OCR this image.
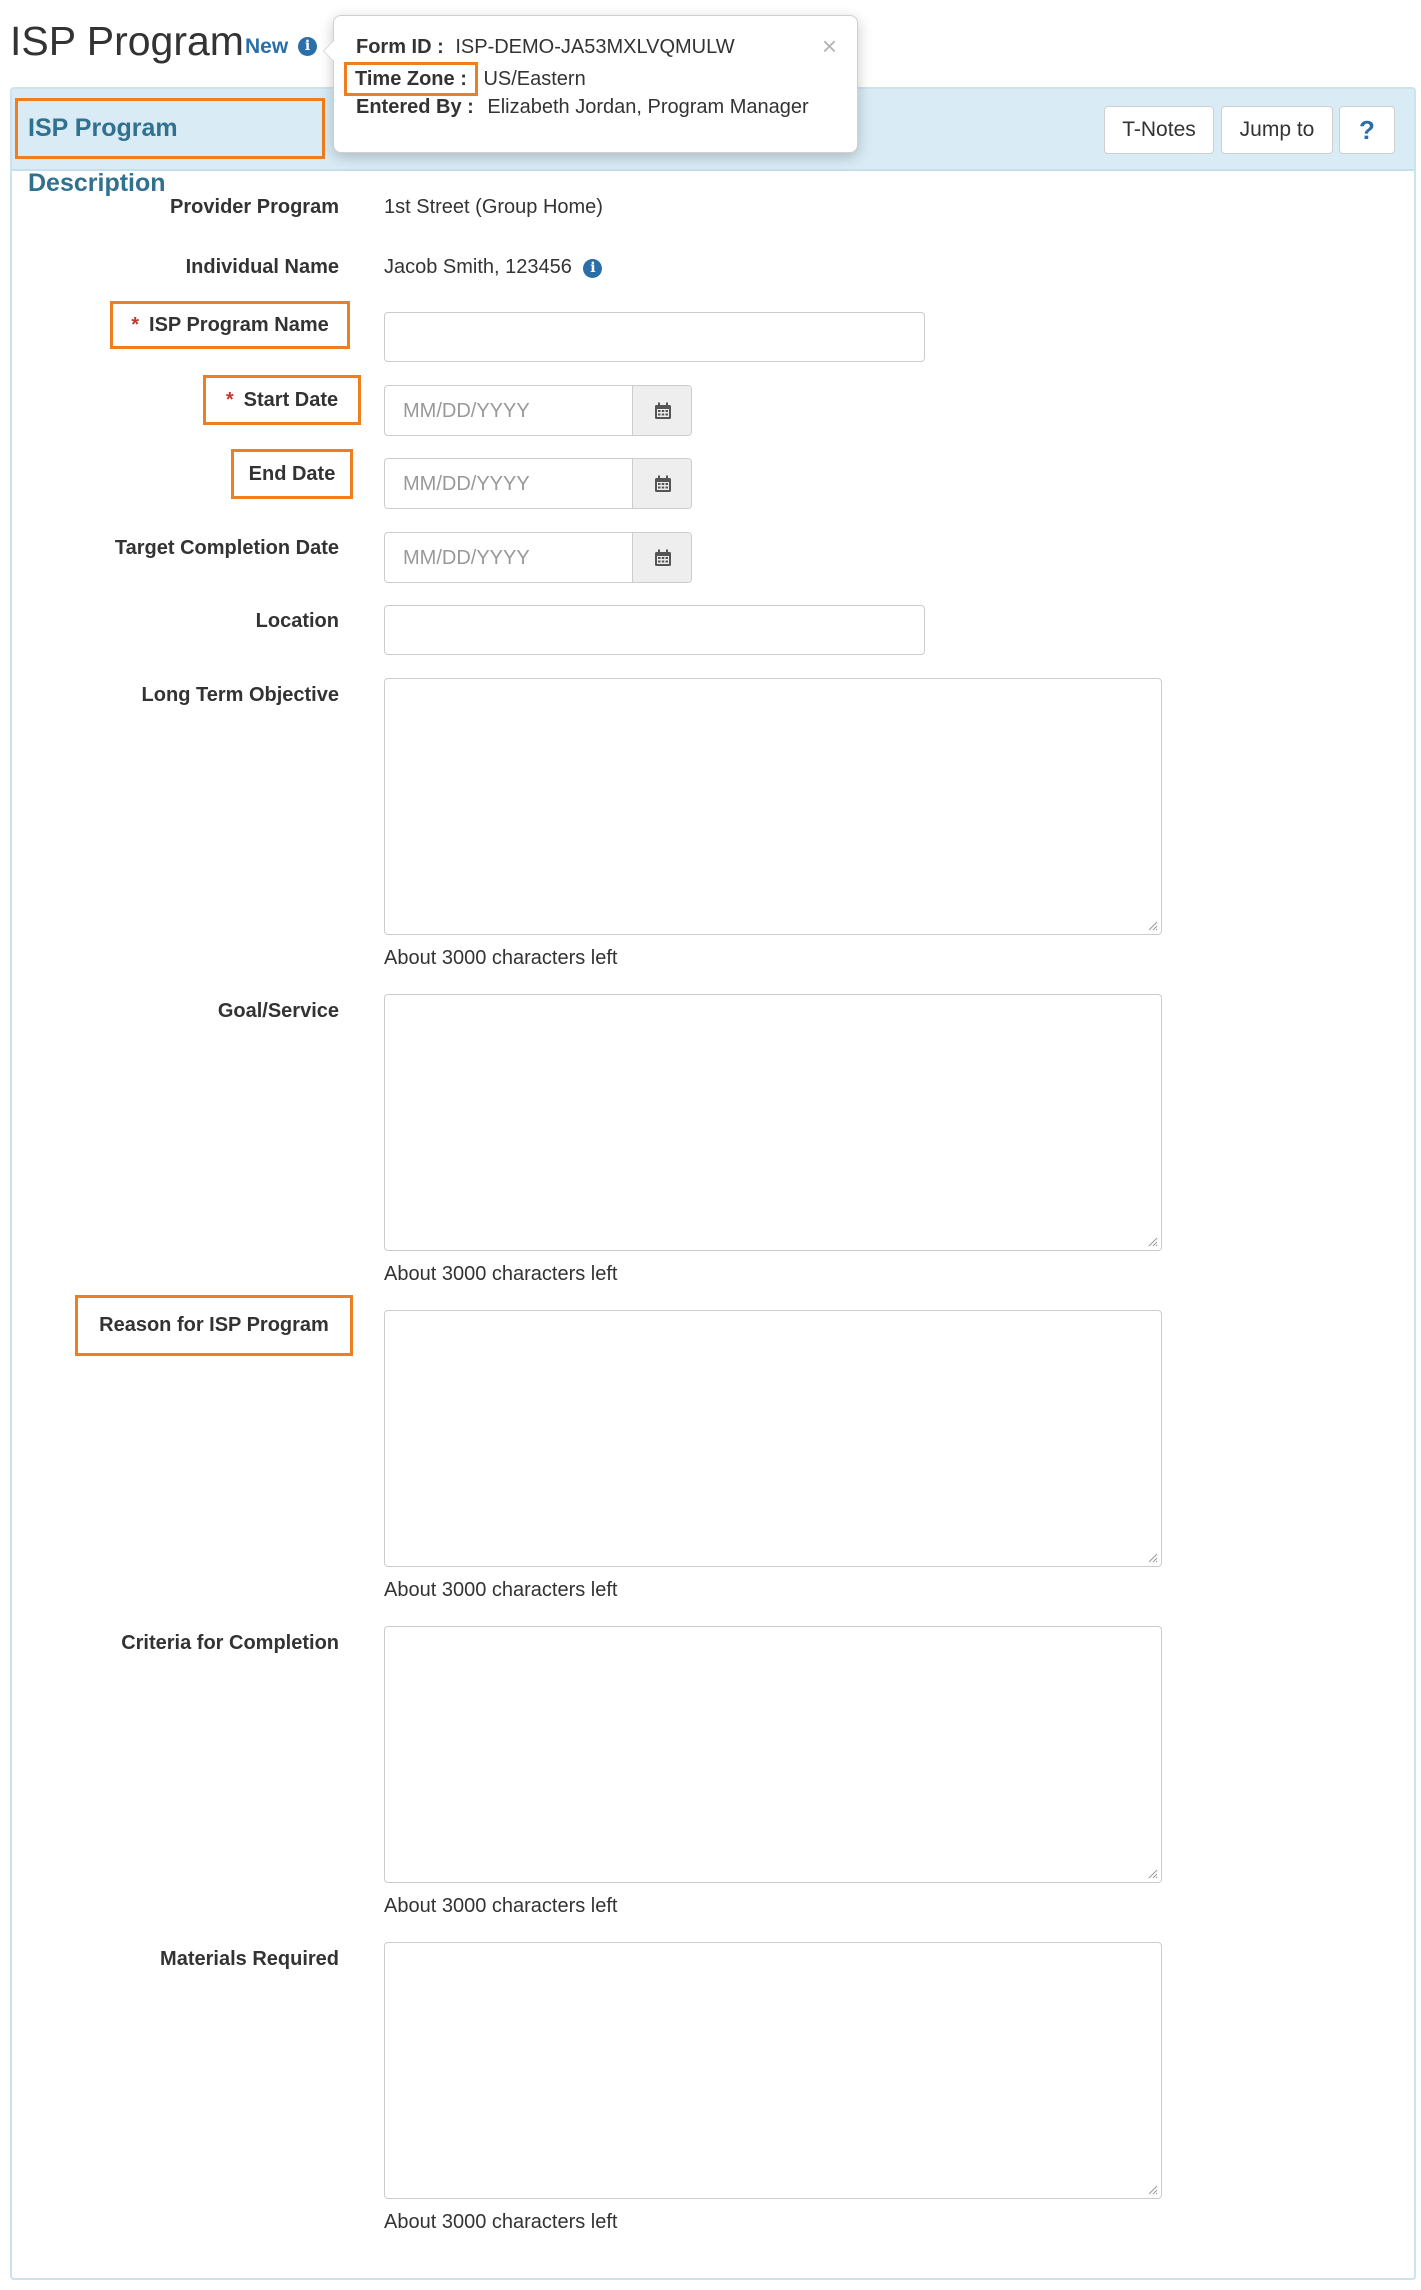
ISP Program New	i
ISP Program Description
T-Notes	Jump to	?
Provider Program 1st Street (Group Home)
Individual Name Jacob Smith, 123456 i
* ISP Program Name
* Start Date	MM/DD/YYYY
End Date	MM/DD/YYYY
Target Completion Date	MM/DD/YYYY
Location
Long Term Objective
About 3000 characters left
Goal/Service
About 3000 characters left
Reason for ISP Program
About 3000 characters left
Criteria for Completion
About 3000 characters left
Materials Required
About 3000 characters left
×
Form ID : ISP-DEMO-JA53MXLVQMULW
Time Zone : US/Eastern
Entered By : Elizabeth Jordan, Program Manager
